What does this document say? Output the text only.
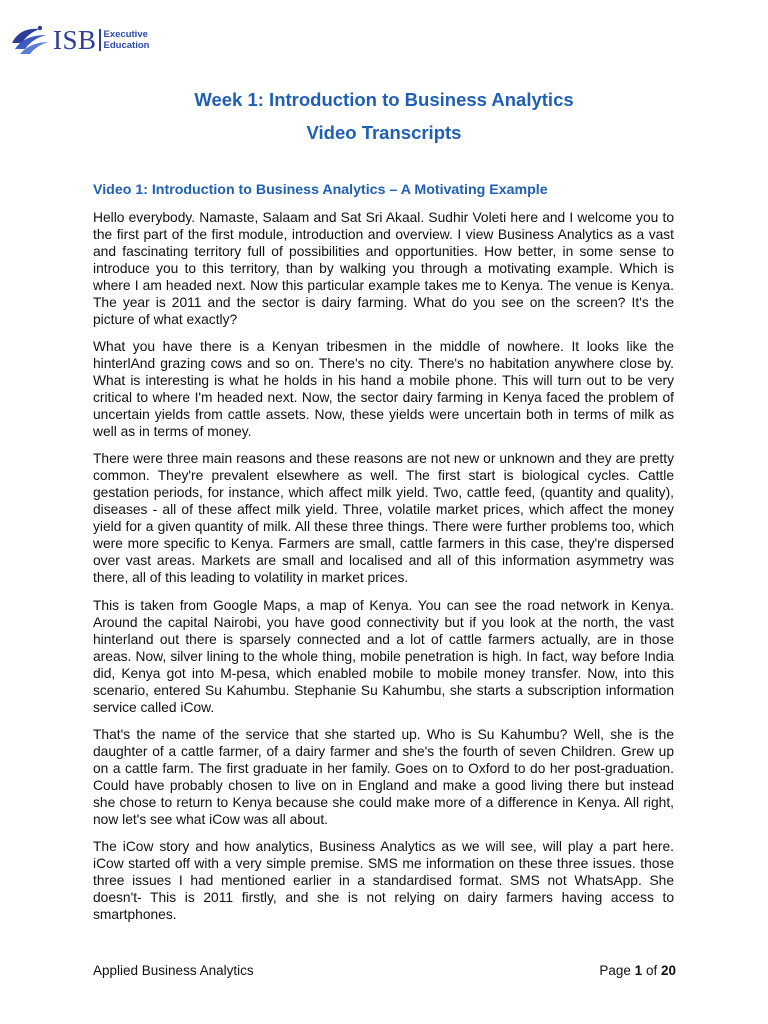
ISB Executive
Education
Week 1: Introduction to Business Analytics
Video Transcripts
Video 1: Introduction to Business Analytics – A Motivating Example

Hello everybody. Namaste, Salaam and Sat Sri Akaal. Sudhir Voleti here and I welcome you to the first part of the first module, introduction and overview. I view Business Analytics as a vast and fascinating territory full of possibilities and opportunities. How better, in some sense to introduce you to this territory, than by walking you through a motivating example. Which is where I am headed next. Now this particular example takes me to Kenya. The venue is Kenya. The year is 2011 and the sector is dairy farming. What do you see on the screen? It's the picture of what exactly?

What you have there is a Kenyan tribesmen in the middle of nowhere. It looks like the hinterlAnd grazing cows and so on. There's no city. There's no habitation anywhere close by. What is interesting is what he holds in his hand a mobile phone. This will turn out to be very critical to where I'm headed next. Now, the sector dairy farming in Kenya faced the problem of uncertain yields from cattle assets. Now, these yields were uncertain both in terms of milk as well as in terms of money.

There were three main reasons and these reasons are not new or unknown and they are pretty common. They're prevalent elsewhere as well. The first start is biological cycles. Cattle gestation periods, for instance, which affect milk yield. Two, cattle feed, (quantity and quality), diseases - all of these affect milk yield. Three, volatile market prices, which affect the money yield for a given quantity of milk. All these three things. There were further problems too, which were more specific to Kenya. Farmers are small, cattle farmers in this case, they're dispersed over vast areas. Markets are small and localised and all of this information asymmetry was there, all of this leading to volatility in market prices.

This is taken from Google Maps, a map of Kenya. You can see the road network in Kenya. Around the capital Nairobi, you have good connectivity but if you look at the north, the vast hinterland out there is sparsely connected and a lot of cattle farmers actually, are in those areas. Now, silver lining to the whole thing, mobile penetration is high. In fact, way before India did, Kenya got into M-pesa, which enabled mobile to mobile money transfer. Now, into this scenario, entered Su Kahumbu. Stephanie Su Kahumbu, she starts a subscription information service called iCow.

That's the name of the service that she started up. Who is Su Kahumbu? Well, she is the daughter of a cattle farmer, of a dairy farmer and she's the fourth of seven Children. Grew up on a cattle farm. The first graduate in her family. Goes on to Oxford to do her post-graduation. Could have probably chosen to live on in England and make a good living there but instead she chose to return to Kenya because she could make more of a difference in Kenya. All right, now let's see what iCow was all about.

The iCow story and how analytics, Business Analytics as we will see, will play a part here. iCow started off with a very simple premise. SMS me information on these three issues. those three issues I had mentioned earlier in a standardised format. SMS not WhatsApp. She doesn't- This is 2011 firstly, and she is not relying on dairy farmers having access to smartphones.

Applied Business Analytics	Page 1 of 20
